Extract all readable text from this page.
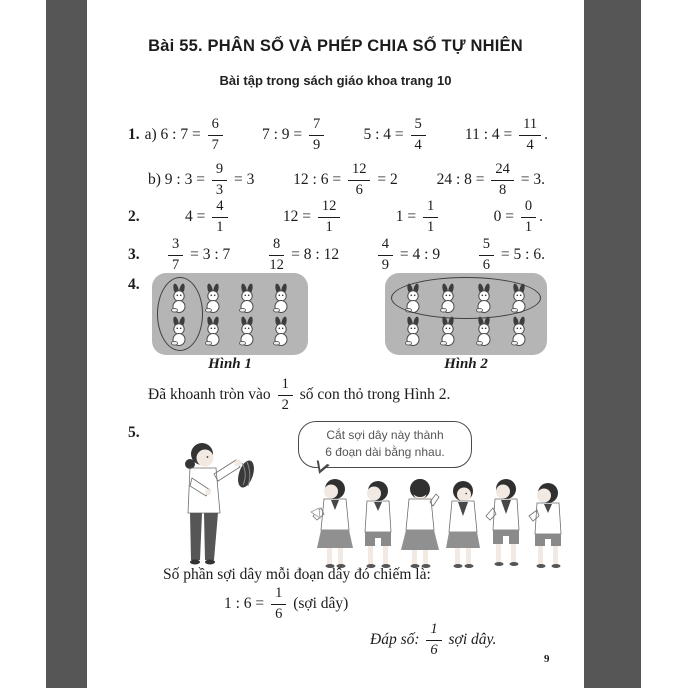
Bài 55. PHÂN SỐ VÀ PHÉP CHIA SỐ TỰ NHIÊN
Bài tập trong sách giáo khoa trang 10
1. a) 6 : $7 = \frac{6}{7}$	7 : $9 = \frac{7}{9}$	5 : $4 = \frac{5}{4}$	11 : $4 = \frac{11}{4}$ .
b) 9 : $3 = \frac{9}{3} = 3$	12 : $6 = \frac{12}{6} = 2$	24 : $8 = \frac{24}{8} = 3$.
2.	$4 = \frac{4}{1}$	$12 = \frac{12}{1}$	$1 = \frac{1}{1}$	$0 = \frac{0}{1}$ .
3. $\frac{3}{7} = 3$ : 7	$\frac{8}{12} = 8$ : 12	$\frac{4}{9} = 4$ : 9	$\frac{5}{6} = 5$ : 6.
4.
Hình 1	Hình 2
Đã khoanh tròn vào $\frac{1}{2}$ số con thỏ trong Hình 2.
5.	Cắt sợi dây này thành
6 đoạn dài bằng nhau.
Số phần sợi dây mỗi đoạn dây đó chiếm là:
1 : $6 = \frac{1}{6}$ (sợi dây)
Đáp số: $\frac{1}{6}$ sợi dây.
9
